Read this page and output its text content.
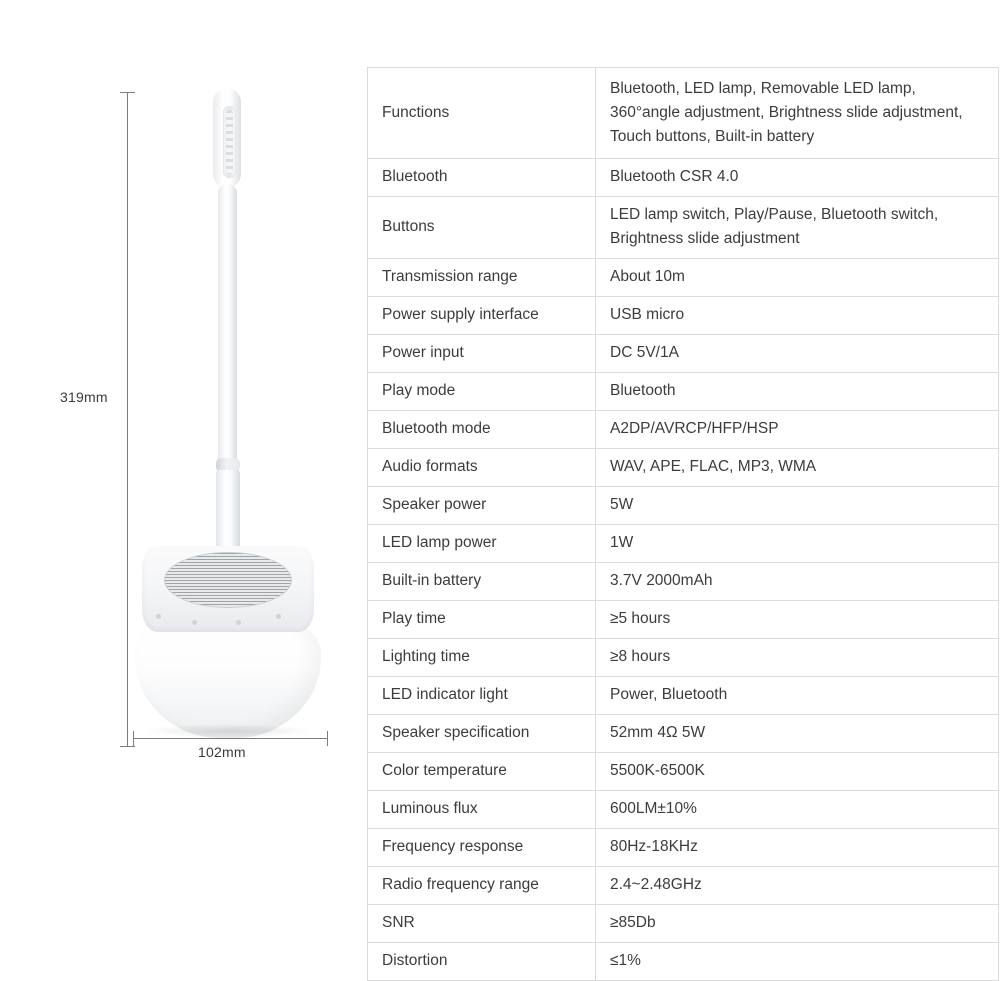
319mm
102mm
Functions	Bluetooth, LED lamp, Removable LED lamp, 360°angle adjustment, Brightness slide adjustment, Touch buttons, Built-in battery
Bluetooth	Bluetooth CSR 4.0
Buttons	LED lamp switch, Play/Pause, Bluetooth switch, Brightness slide adjustment
Transmission range	About 10m
Power supply interface	USB micro
Power input	DC 5V/1A
Play mode	Bluetooth
Bluetooth mode	A2DP/AVRCP/HFP/HSP
Audio formats	WAV, APE, FLAC, MP3, WMA
Speaker power	5W
LED lamp power	1W
Built-in battery	3.7V 2000mAh
Play time	≥5 hours
Lighting time	≥8 hours
LED indicator light	Power, Bluetooth
Speaker specification	52mm 4Ω 5W
Color temperature	5500K-6500K
Luminous flux	600LM±10%
Frequency response	80Hz-18KHz
Radio frequency range	2.4~2.48GHz
SNR	≥85Db
Distortion	≤1%
